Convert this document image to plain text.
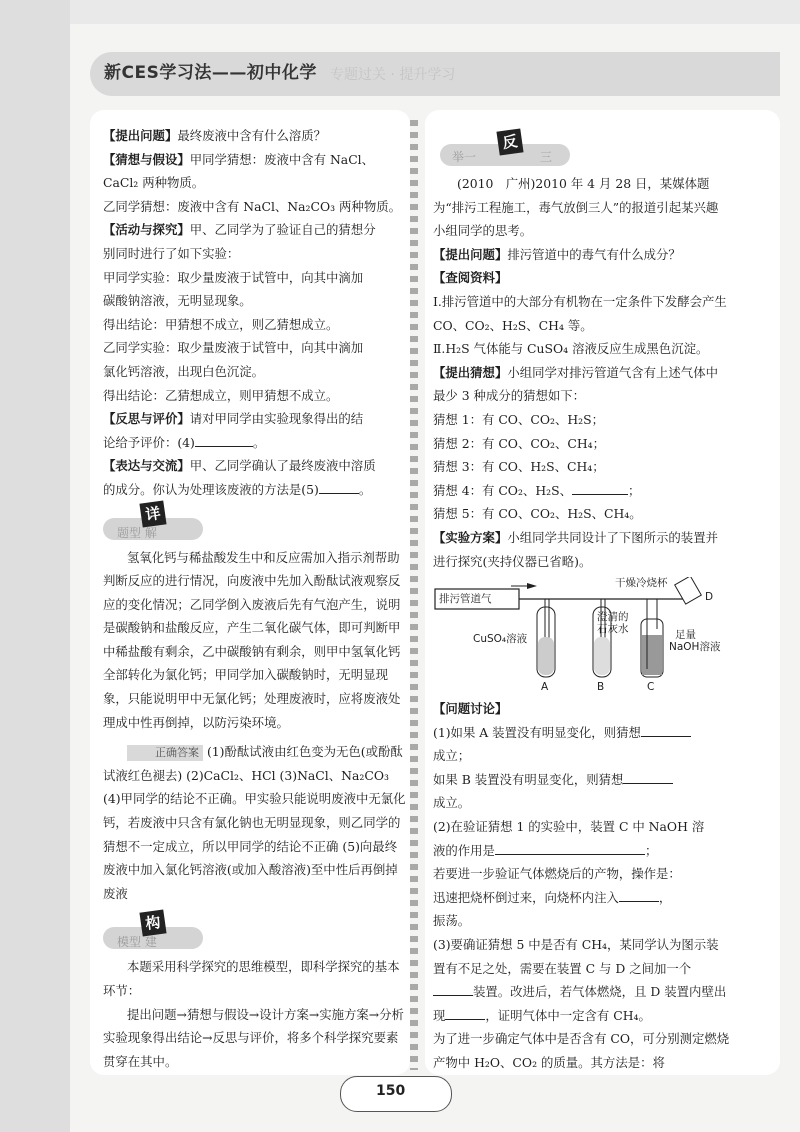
新CES学习法——初中化学 专题过关 · 提升学习

【提出问题】最终废液中含有什么溶质？

【猜想与假设】甲同学猜想：废液中含有 NaCl、

CaCl₂ 两种物质。

乙同学猜想：废液中含有 NaCl、Na₂CO₃ 两种物质。

【活动与探究】甲、乙同学为了验证自己的猜想分

别同时进行了如下实验：

甲同学实验：取少量废液于试管中，向其中滴加

碳酸钠溶液，无明显现象。

得出结论：甲猜想不成立，则乙猜想成立。

乙同学实验：取少量废液于试管中，向其中滴加

氯化钙溶液，出现白色沉淀。

得出结论：乙猜想成立，则甲猜想不成立。

【反思与评价】请对甲同学由实验现象得出的结

论给予评价：(4)	。

【表达与交流】甲、乙同学确认了最终废液中溶质

的成分。你认为处理该废液的方法是(5)	。

详
题型 解

氢氧化钙与稀盐酸发生中和反应需加入指示剂帮助判断反应的进行情况，向废液中先加入酚酞试液观察反应的变化情况；乙同学倒入废液后先有气泡产生，说明是碳酸钠和盐酸反应，产生二氧化碳气体，即可判断甲中稀盐酸有剩余，乙中碳酸钠有剩余，则甲中氢氧化钙全部转化为氯化钙；甲同学加入碳酸钠时，无明显现象，只能说明甲中无氯化钙；处理废液时，应将废液处理成中性再倒掉，以防污染环境。

正确答案 (1)酚酞试液由红色变为无色(或酚酞试液红色褪去) (2)CaCl₂、HCl (3)NaCl、Na₂CO₃ (4)甲同学的结论不正确。甲实验只能说明废液中无氯化钙，若废液中只含有氯化钠也无明显现象，则乙同学的猜想不一定成立，所以甲同学的结论不正确 (5)向最终废液中加入氯化钙溶液(或加入酸溶液)至中性后再倒掉废液

构
模型 建

本题采用科学探究的思维模型，即科学探究的基本环节：

提出问题→猜想与假设→设计方案→实施方案→分析实验现象得出结论→反思与评价，将多个科学探究要素贯穿在其中。

反
举一	三

(2010　广州)2010 年 4 月 28 日，某媒体题为“排污工程施工，毒气放倒三人”的报道引起某兴趣小组同学的思考。

【提出问题】排污管道中的毒气有什么成分？

【查阅资料】

Ⅰ.排污管道中的大部分有机物在一定条件下发酵会产生 CO、CO₂、H₂S、CH₄ 等。

Ⅱ.H₂S 气体能与 CuSO₄ 溶液反应生成黑色沉淀。

【提出猜想】小组同学对排污管道气含有上述气体中最少 3 种成分的猜想如下：

猜想 1：有 CO、CO₂、H₂S；

猜想 2：有 CO、CO₂、CH₄；

猜想 3：有 CO、H₂S、CH₄；

猜想 4：有 CO₂、H₂S、	；

猜想 5：有 CO、CO₂、H₂S、CH₄。

【实验方案】小组同学共同设计了下图所示的装置并进行探究(夹持仪器已省略)。

排污管道气
干燥冷烧杯
D
CuSO₄溶液
澄清的
石灰水	足量
NaOH溶液
A	B	C

【问题讨论】

(1)如果 A 装置没有明显变化，则猜想

成立；

如果 B 装置没有明显变化，则猜想

成立。

(2)在验证猜想 1 的实验中，装置 C 中 NaOH 溶

液的作用是	；

若要进一步验证气体燃烧后的产物，操作是：

迅速把烧杯倒过来，向烧杯内注入	，

振荡。

(3)要确证猜想 5 中是否有 CH₄，某同学认为图示装置有不足之处，需要在装置 C 与 D 之间加一个装置。改进后，若气体燃烧，且 D 装置内壁出现	，证明气体中一定含有 CH₄。

为了进一步确定气体中是否含有 CO，可分别测定燃烧产物中 H₂O、CO₂ 的质量。其方法是：将

150
